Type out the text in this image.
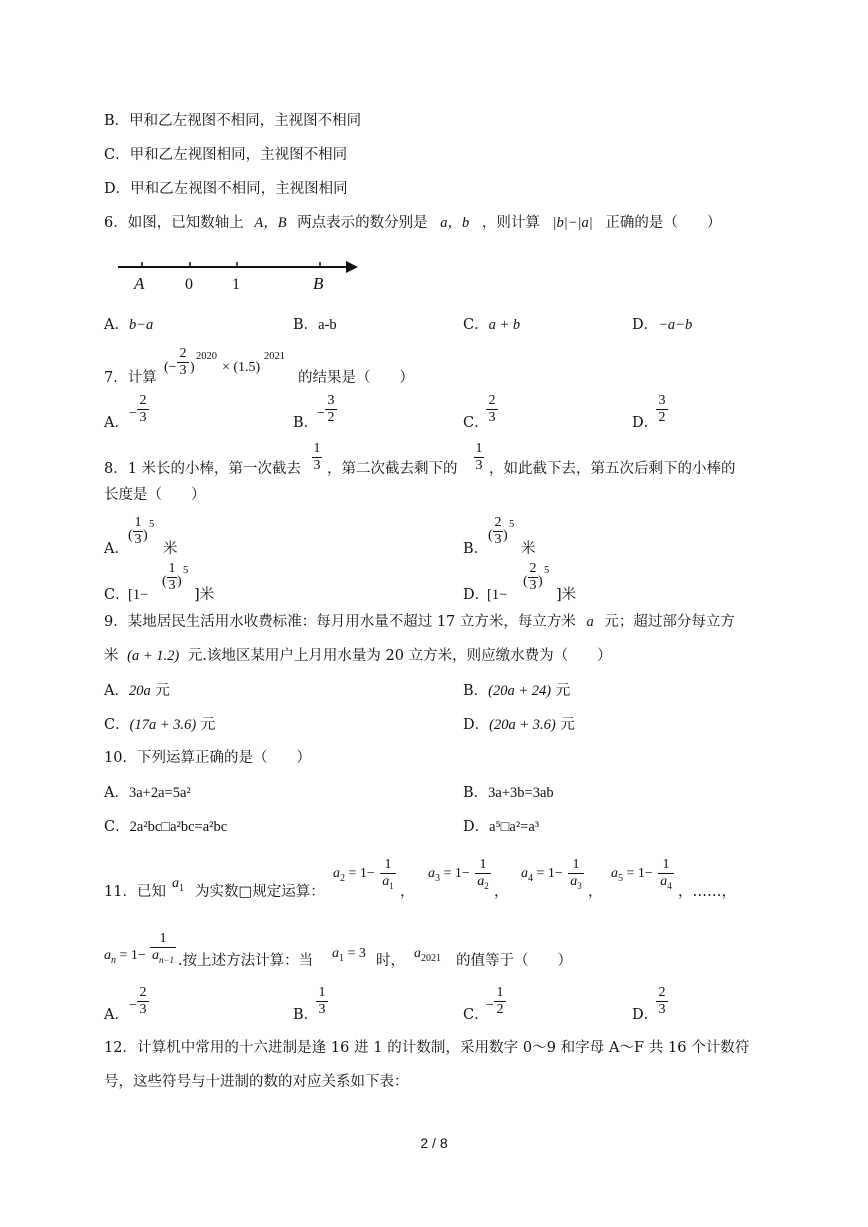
B．甲和乙左视图不相同，主视图不相同
C．甲和乙左视图相同，主视图不相同
D．甲和乙左视图不相同，主视图相同
6．如图，已知数轴上 A，B 两点表示的数分别是 a，b ，则计算 |b|−|a| 正确的是（　　）
A	0 1	B
A．b−a	B．a-b	C．a + b	D．−a−b
7．计算
(−
2
3 )
2020
× (1.5)
2021
的结果是（　　）
A．
−
2
3	B．
−
3
2	C．
2
3	D．
3
2
8．1 米长的小棒，第一次截去
1
3 ，第二次截去剩下的
1
3 ，如此截下去，第五次后剩下的小棒的
长度是（　　）
A．
(
1
3 )
5
米	B．
(
2
3 )
5
米
C．
[1−
(
1
3 )
5
]米	D．
[1−
(
2
3 )
5
]米
9．某地居民生活用水收费标准：每月用水量不超过 17 立方米，每立方米 a 元；超过部分每立方
米 (a + 1.2) 元.该地区某用户上月用水量为 20 立方米，则应缴水费为（　　）
A．20a 元	B．(20a + 24) 元
C．(17a + 3.6) 元	D．(20a + 3.6) 元
10．下列运算正确的是（　　）
A．3a+2a=5a²	B．3a+3b=3ab
C．2a²bc□a²bc=a²bc	D．a⁵□a²=a³
11．已知
$a_1$ 为实数□规定运算：
$a_2 = 1-$
1
$a_1$ ，
$a_3 = 1-$
1
$a_2$ ，
$a_4 = 1-$
1
$a_3$ ，
$a_5 = 1-$
1
$a_4$ ，……，
$a_n = 1-$
1
$a_{n-1}$ .按上述方法计算：当 $a_1 = 3$ 时， $a_{2021}$ 的值等于（　　）
A．
−
2
3	B．
1
3	C．
−
1
2	D．
2
3
12．计算机中常用的十六进制是逢 16 进 1 的计数制，采用数字 0～9 和字母 A～F 共 16 个计数符
号，这些符号与十进制的数的对应关系如下表：
2 / 8
